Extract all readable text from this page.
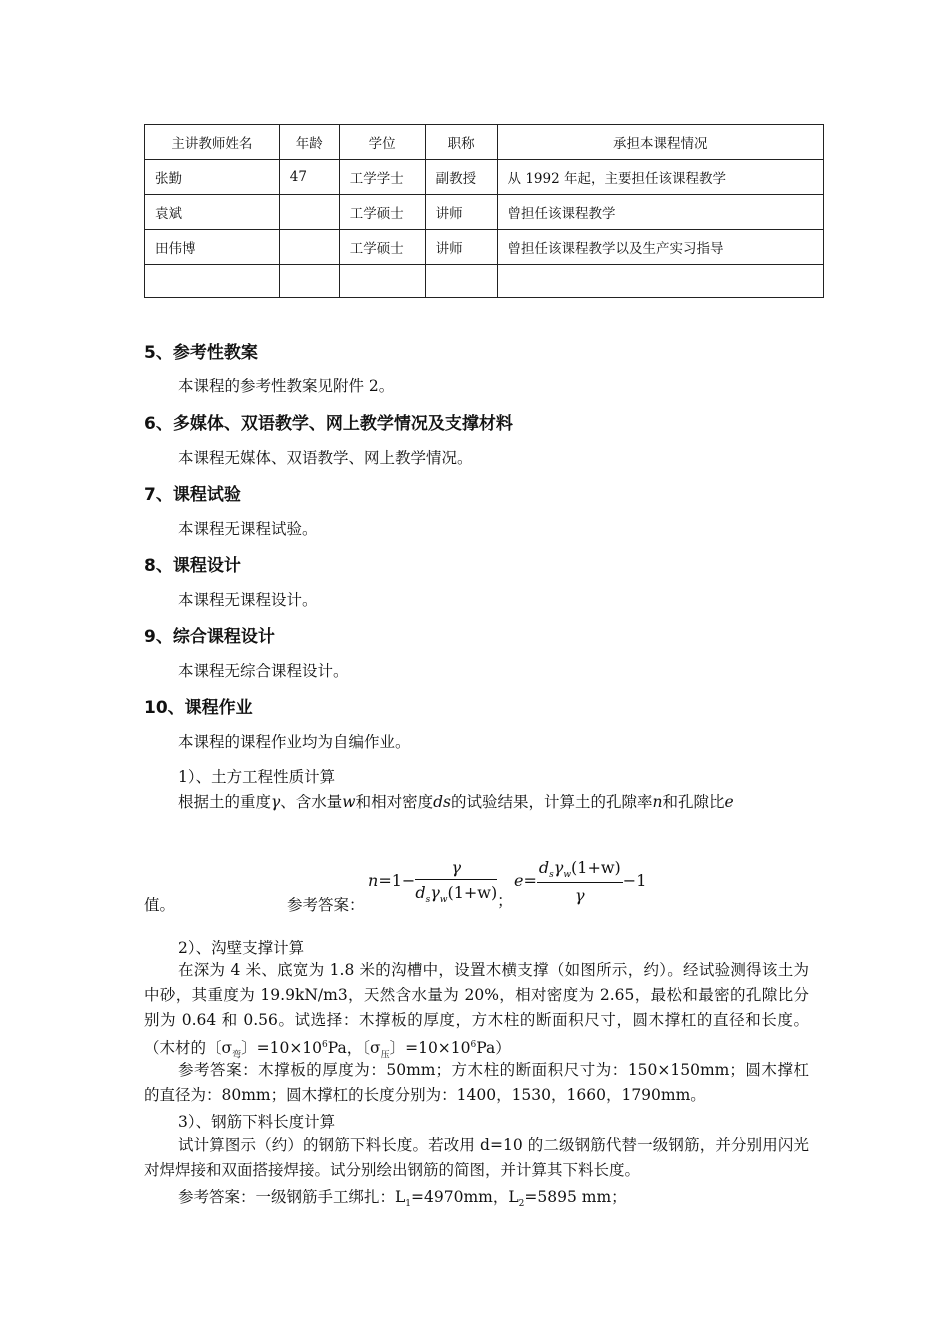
主讲教师姓名	年龄	学位	职称	承担本课程情况
张勤	47	工学学士	副教授	从 1992 年起，主要担任该课程教学
袁斌		工学硕士	讲师	曾担任该课程教学
田伟博		工学硕士	讲师	曾担任该课程教学以及生产实习指导

5、参考性教案

本课程的参考性教案见附件 2。

6、多媒体、双语教学、网上教学情况及支撑材料

本课程无媒体、双语教学、网上教学情况。

7、课程试验

本课程无课程试验。

8、课程设计

本课程无课程设计。

9、综合课程设计

本课程无综合课程设计。

10、课程作业

本课程的课程作业均为自编作业。

1）、土方工程性质计算

根据土的重度γ、含水量w和相对密度ds的试验结果，计算土的孔隙率n和孔隙比e

值。	参考答案：

$n=1- \frac{\gamma}{d_s\gamma_w(1+w)}$ ；
$e= \frac{d_s\gamma_w(1+w)}{\gamma} -1$

2）、沟壁支撑计算

在深为 4 米、底宽为 1.8 米的沟槽中，设置木横支撑（如图所示，约）。经试验测得该土为中砂，其重度为 19.9kN/m3，天然含水量为 20%，相对密度为 2.65，最松和最密的孔隙比分别为 0.64 和 0.56。试选择：木撑板的厚度，方木柱的断面积尺寸，圆木撑杠的直径和长度。（木材的〔$\sigma_弯$〕$=10\times 10^6Pa$，〔$\sigma_压$〕$=10\times 10^6Pa$）

参考答案：木撑板的厚度为：50mm；方木柱的断面积尺寸为：150×150mm；圆木撑杠的直径为：80mm；圆木撑杠的长度分别为：1400，1530，1660，1790mm。

3）、钢筋下料长度计算

试计算图示（约）的钢筋下料长度。若改用 d=10 的二级钢筋代替一级钢筋，并分别用闪光对焊焊接和双面搭接焊接。试分别绘出钢筋的简图，并计算其下料长度。

参考答案：一级钢筋手工绑扎：$L_1=4970mm$，$L_2=5895$ mm；
